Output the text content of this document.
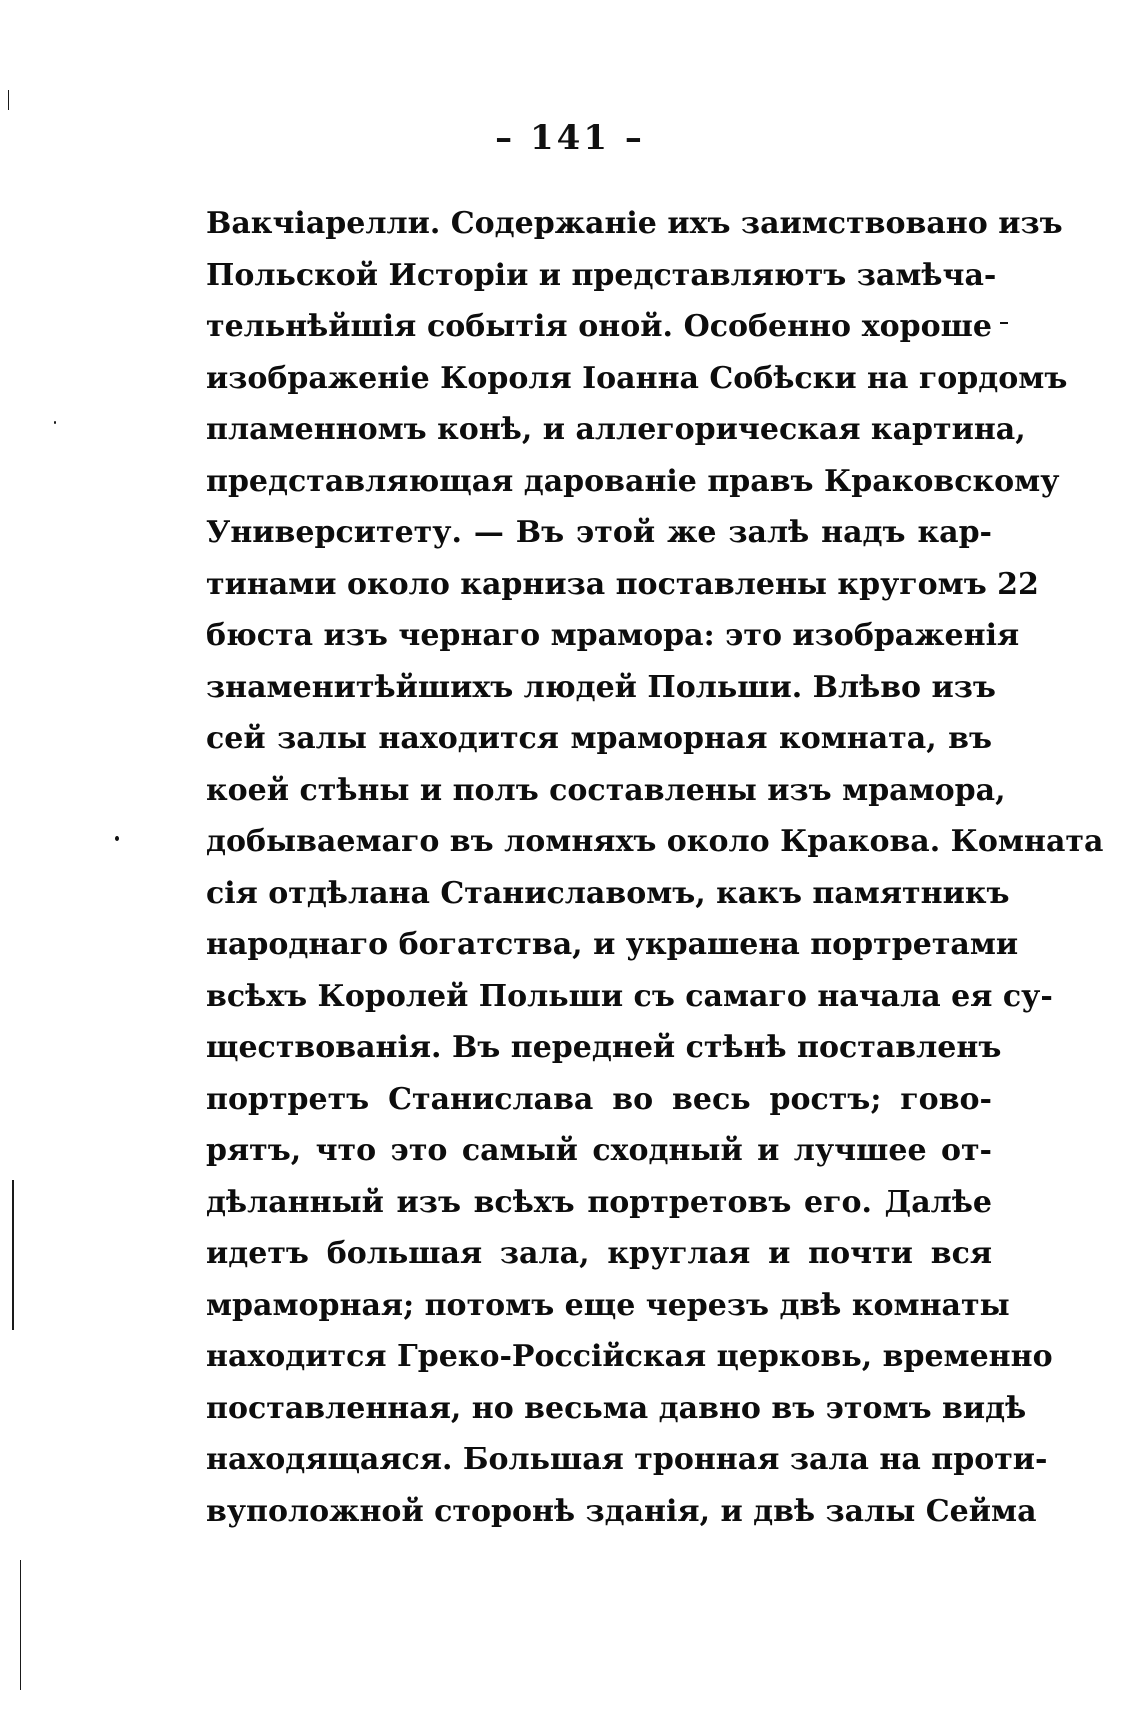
– 141 –
Вакчіарелли. Содержаніе ихъ заимствовано изъ
Польской Исторіи и представляютъ замѣча-
тельнѣйшія событія оной. Особенно хороше
изображеніе Короля Іоанна Собѣски на гордомъ
пламенномъ конѣ, и аллегорическая картина,
представляющая дарованіе правъ Краковскому
Университету. — Въ этой же залѣ надъ кар-
тинами около карниза поставлены кругомъ 22
бюста изъ чернаго мрамора: это изображенія
знаменитѣйшихъ людей Польши. Влѣво изъ
сей залы находится мраморная комната, въ
коей стѣны и полъ составлены изъ мрамора,
добываемаго въ ломняхъ около Кракова. Комната
сія отдѣлана Станиславомъ, какъ памятникъ
народнаго богатства, и украшена портретами
всѣхъ Королей Польши съ самаго начала ея су-
ществованія. Въ передней стѣнѣ поставленъ
портретъ Станислава во весь ростъ; гово-
рятъ, что это самый сходный и лучшее от-
дѣланный изъ всѣхъ портретовъ его. Далѣе
идетъ большая зала, круглая и почти вся
мраморная; потомъ еще черезъ двѣ комнаты
находится Греко-Россійская церковь, временно
поставленная, но весьма давно въ этомъ видѣ
находящаяся. Большая тронная зала на проти-
вуположной сторонѣ зданія, и двѣ залы Сейма
